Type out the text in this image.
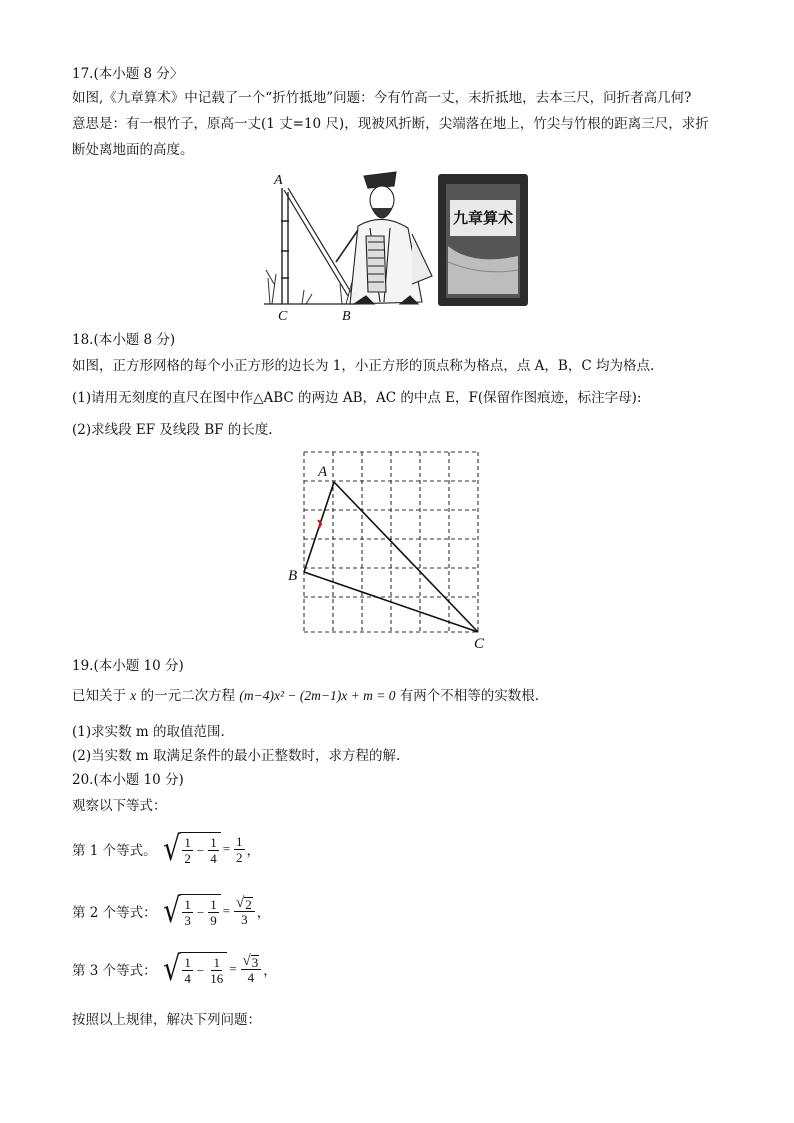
17.(本小题 8 分〉

如图,《九章算术》中记载了一个“折竹抵地”问题：今有竹高一丈，末折抵地，去本三尺，问折者高几何?

意思是：有一根竹子，原高一丈(1 丈=10 尺)，现被风折断，尖端落在地上，竹尖与竹根的距离三尺，求折

断处离地面的高度。

九章算术
A
C	B

18.(本小题 8 分)

如图，正方形网格的每个小正方形的边长为 1，小正方形的顶点称为格点，点 A，B，C 均为格点.

(1)请用无刻度的直尺在图中作△ABC 的两边 AB，AC 的中点 E，F(保留作图痕迹，标注字母):

(2)求线段 EF 及线段 BF 的长度.

A
B
C

19.(本小题 10 分)

已知关于 x 的一元二次方程 (m−4)x² − (2m−1)x + m = 0 有两个不相等的实数根.

(1)求实数 m 的取值范围.

(2)当实数 m 取满足条件的最小正整数时，求方程的解.

20.(本小题 10 分)

观察以下等式：

第 1 个等式。 √ $\frac{1}{2} - \frac{1}{4} = \frac{1}{2}$ ，
第 2 个等式： √ $\frac{1}{3} - \frac{1}{9} = \frac{√ 2}{3}$ ，
第 3 个等式： √ $\frac{1}{4} - \frac{1}{16} = \frac{√ 3}{4}$ ，

按照以上规律，解决下列问题：
